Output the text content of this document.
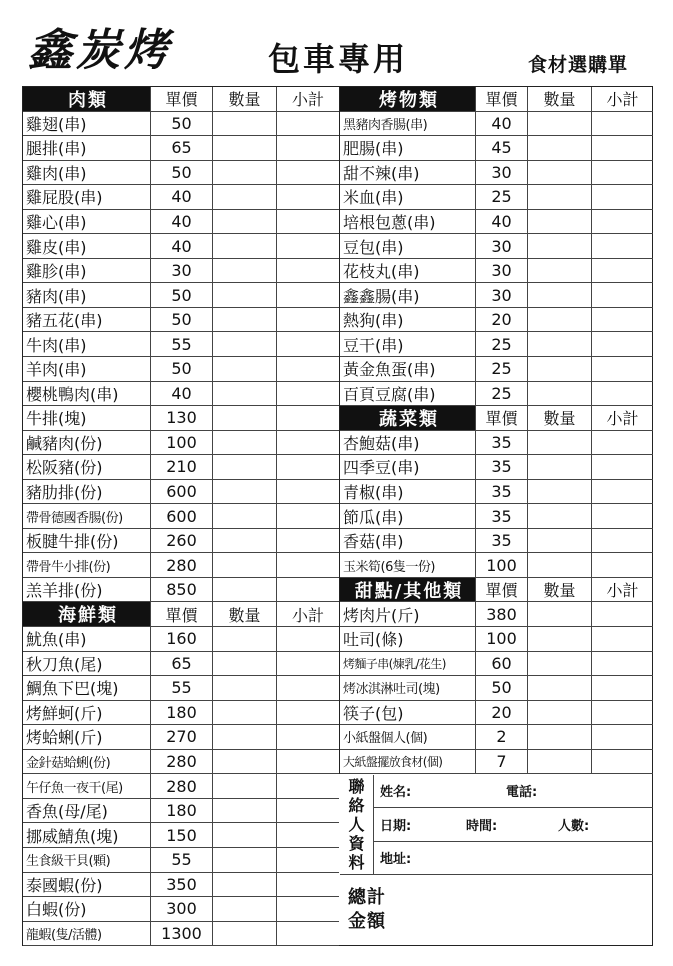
鑫炭烤	包車專用	食材選購單
肉類	單價	數量	小計
雞翅(串)	50
腿排(串)	65
雞肉(串)	50
雞屁股(串)	40
雞心(串)	40
雞皮(串)	40
雞胗(串)	30
豬肉(串)	50
豬五花(串)	50
牛肉(串)	55
羊肉(串)	50
櫻桃鴨肉(串)	40
牛排(塊)	130
鹹豬肉(份)	100
松阪豬(份)	210
豬肋排(份)	600
帶骨德國香腸(份)	600
板腱牛排(份)	260
帶骨牛小排(份)	280
羔羊排(份)	850
海鮮類	單價	數量	小計
魷魚(串)	160
秋刀魚(尾)	65
鯛魚下巴(塊)	55
烤鮮蚵(斤)	180
烤蛤蜊(斤)	270
金針菇蛤蜊(份)	280
午仔魚一夜干(尾)	280
香魚(母/尾)	180
挪威鯖魚(塊)	150
生食級干貝(顆)	55
泰國蝦(份)	350
白蝦(份)	300
龍蝦(隻/活體)	1300
烤物類	單價	數量	小計
黑豬肉香腸(串)	40
肥腸(串)	45
甜不辣(串)	30
米血(串)	25
培根包蔥(串)	40
豆包(串)	30
花枝丸(串)	30
鑫鑫腸(串)	30
熱狗(串)	20
豆干(串)	25
黃金魚蛋(串)	25
百頁豆腐(串)	25
蔬菜類	單價	數量	小計
杏鮑菇(串)	35
四季豆(串)	35
青椒(串)	35
節瓜(串)	35
香菇(串)	35
玉米筍(6隻一份)	100
甜點/其他類	單價	數量	小計
烤肉片(斤)	380
吐司(條)	100
烤麵子串(煉乳/花生)	60
烤冰淇淋吐司(塊)	50
筷子(包)	20
小紙盤個人(個)	2
大紙盤擺放食材(個)	7
聯
絡
人
資
料
姓名:	電話:
日期:	時間:	人數:
地址:
總計
金額
